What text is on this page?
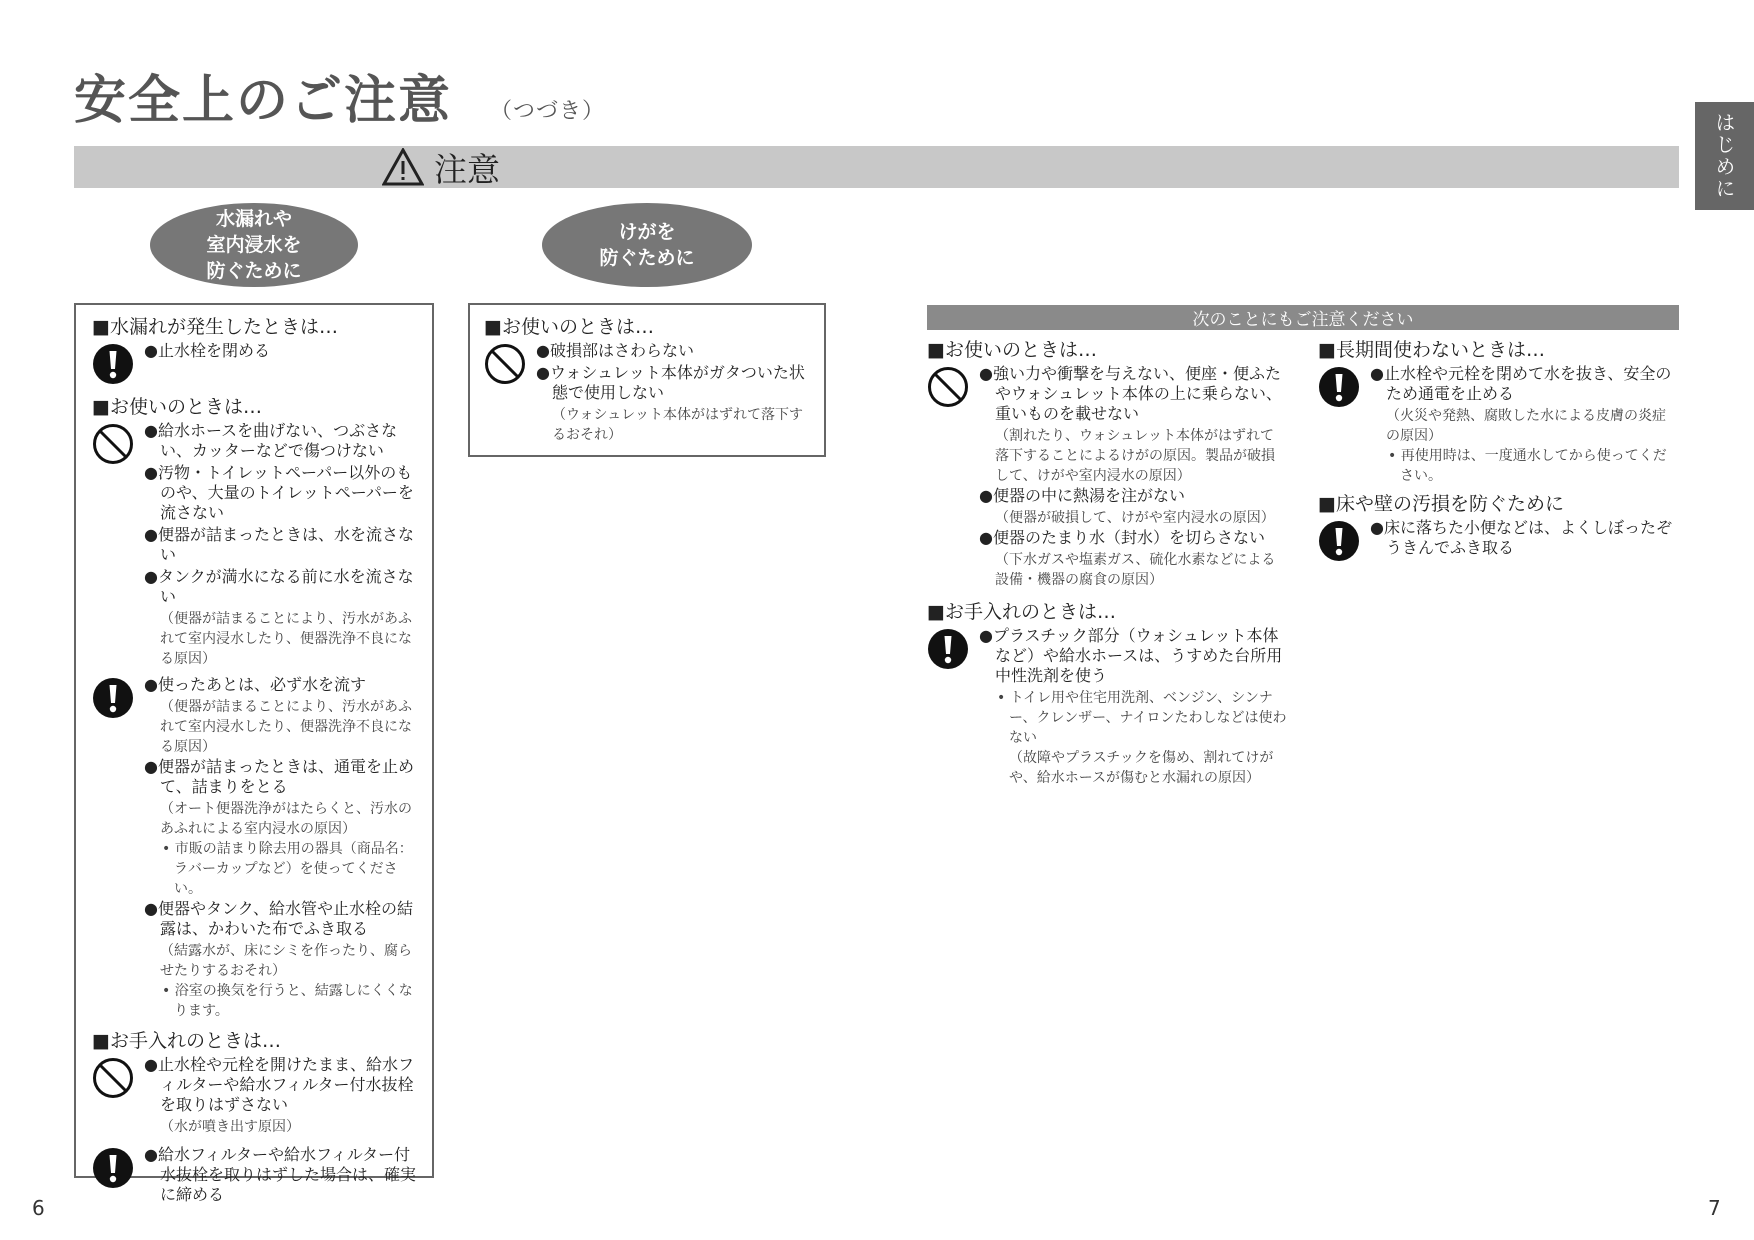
安全上のご注意 （つづき）
注意	はじめに
水漏れや
室内浸水を
防ぐために
けがを
防ぐために
■水漏れが発生したときは…
●止水栓を閉める
■お使いのときは…
●給水ホースを曲げない、つぶさない、カッターなどで傷つけない
●汚物・トイレットペーパー以外のものや、大量のトイレットペーパーを流さない
●便器が詰まったときは、水を流さない
●タンクが満水になる前に水を流さない
（便器が詰まることにより、汚水があふれて室内浸水したり、便器洗浄不良になる原因）
●使ったあとは、必ず水を流す
（便器が詰まることにより、汚水があふれて室内浸水したり、便器洗浄不良になる原因）
●便器が詰まったときは、通電を止めて、詰まりをとる
（オート便器洗浄がはたらくと、汚水のあふれによる室内浸水の原因）
• 市販の詰まり除去用の器具（商品名：ラバーカップなど）を使ってください。
●便器やタンク、給水管や止水栓の結露は、かわいた布でふき取る
（結露水が、床にシミを作ったり、腐らせたりするおそれ）
• 浴室の換気を行うと、結露しにくくなります。
■お手入れのときは…
●止水栓や元栓を開けたまま、給水フィルターや給水フィルター付水抜栓を取りはずさない
（水が噴き出す原因）
●給水フィルターや給水フィルター付水抜栓を取りはずした場合は、確実に締める
■お使いのときは…
●破損部はさわらない
●ウォシュレット本体がガタついた状態で使用しない
（ウォシュレット本体がはずれて落下するおそれ）
次のことにもご注意ください
■お使いのときは…
●強い力や衝撃を与えない、便座・便ふたやウォシュレット本体の上に乗らない、重いものを載せない
（割れたり、ウォシュレット本体がはずれて落下することによるけがの原因。製品が破損して、けがや室内浸水の原因）
●便器の中に熱湯を注がない
（便器が破損して、けがや室内浸水の原因）
●便器のたまり水（封水）を切らさない
（下水ガスや塩素ガス、硫化水素などによる設備・機器の腐食の原因）
■お手入れのときは…
●プラスチック部分（ウォシュレット本体など）や給水ホースは、うすめた台所用中性洗剤を使う
• トイレ用や住宅用洗剤、ベンジン、シンナー、クレンザー、ナイロンたわしなどは使わない
（故障やプラスチックを傷め、割れてけがや、給水ホースが傷むと水漏れの原因）
■長期間使わないときは…
●止水栓や元栓を閉めて水を抜き、安全のため通電を止める
（火災や発熱、腐敗した水による皮膚の炎症の原因）
• 再使用時は、一度通水してから使ってください。
■床や壁の汚損を防ぐために
●床に落ちた小便などは、よくしぼったぞうきんでふき取る
6	7
